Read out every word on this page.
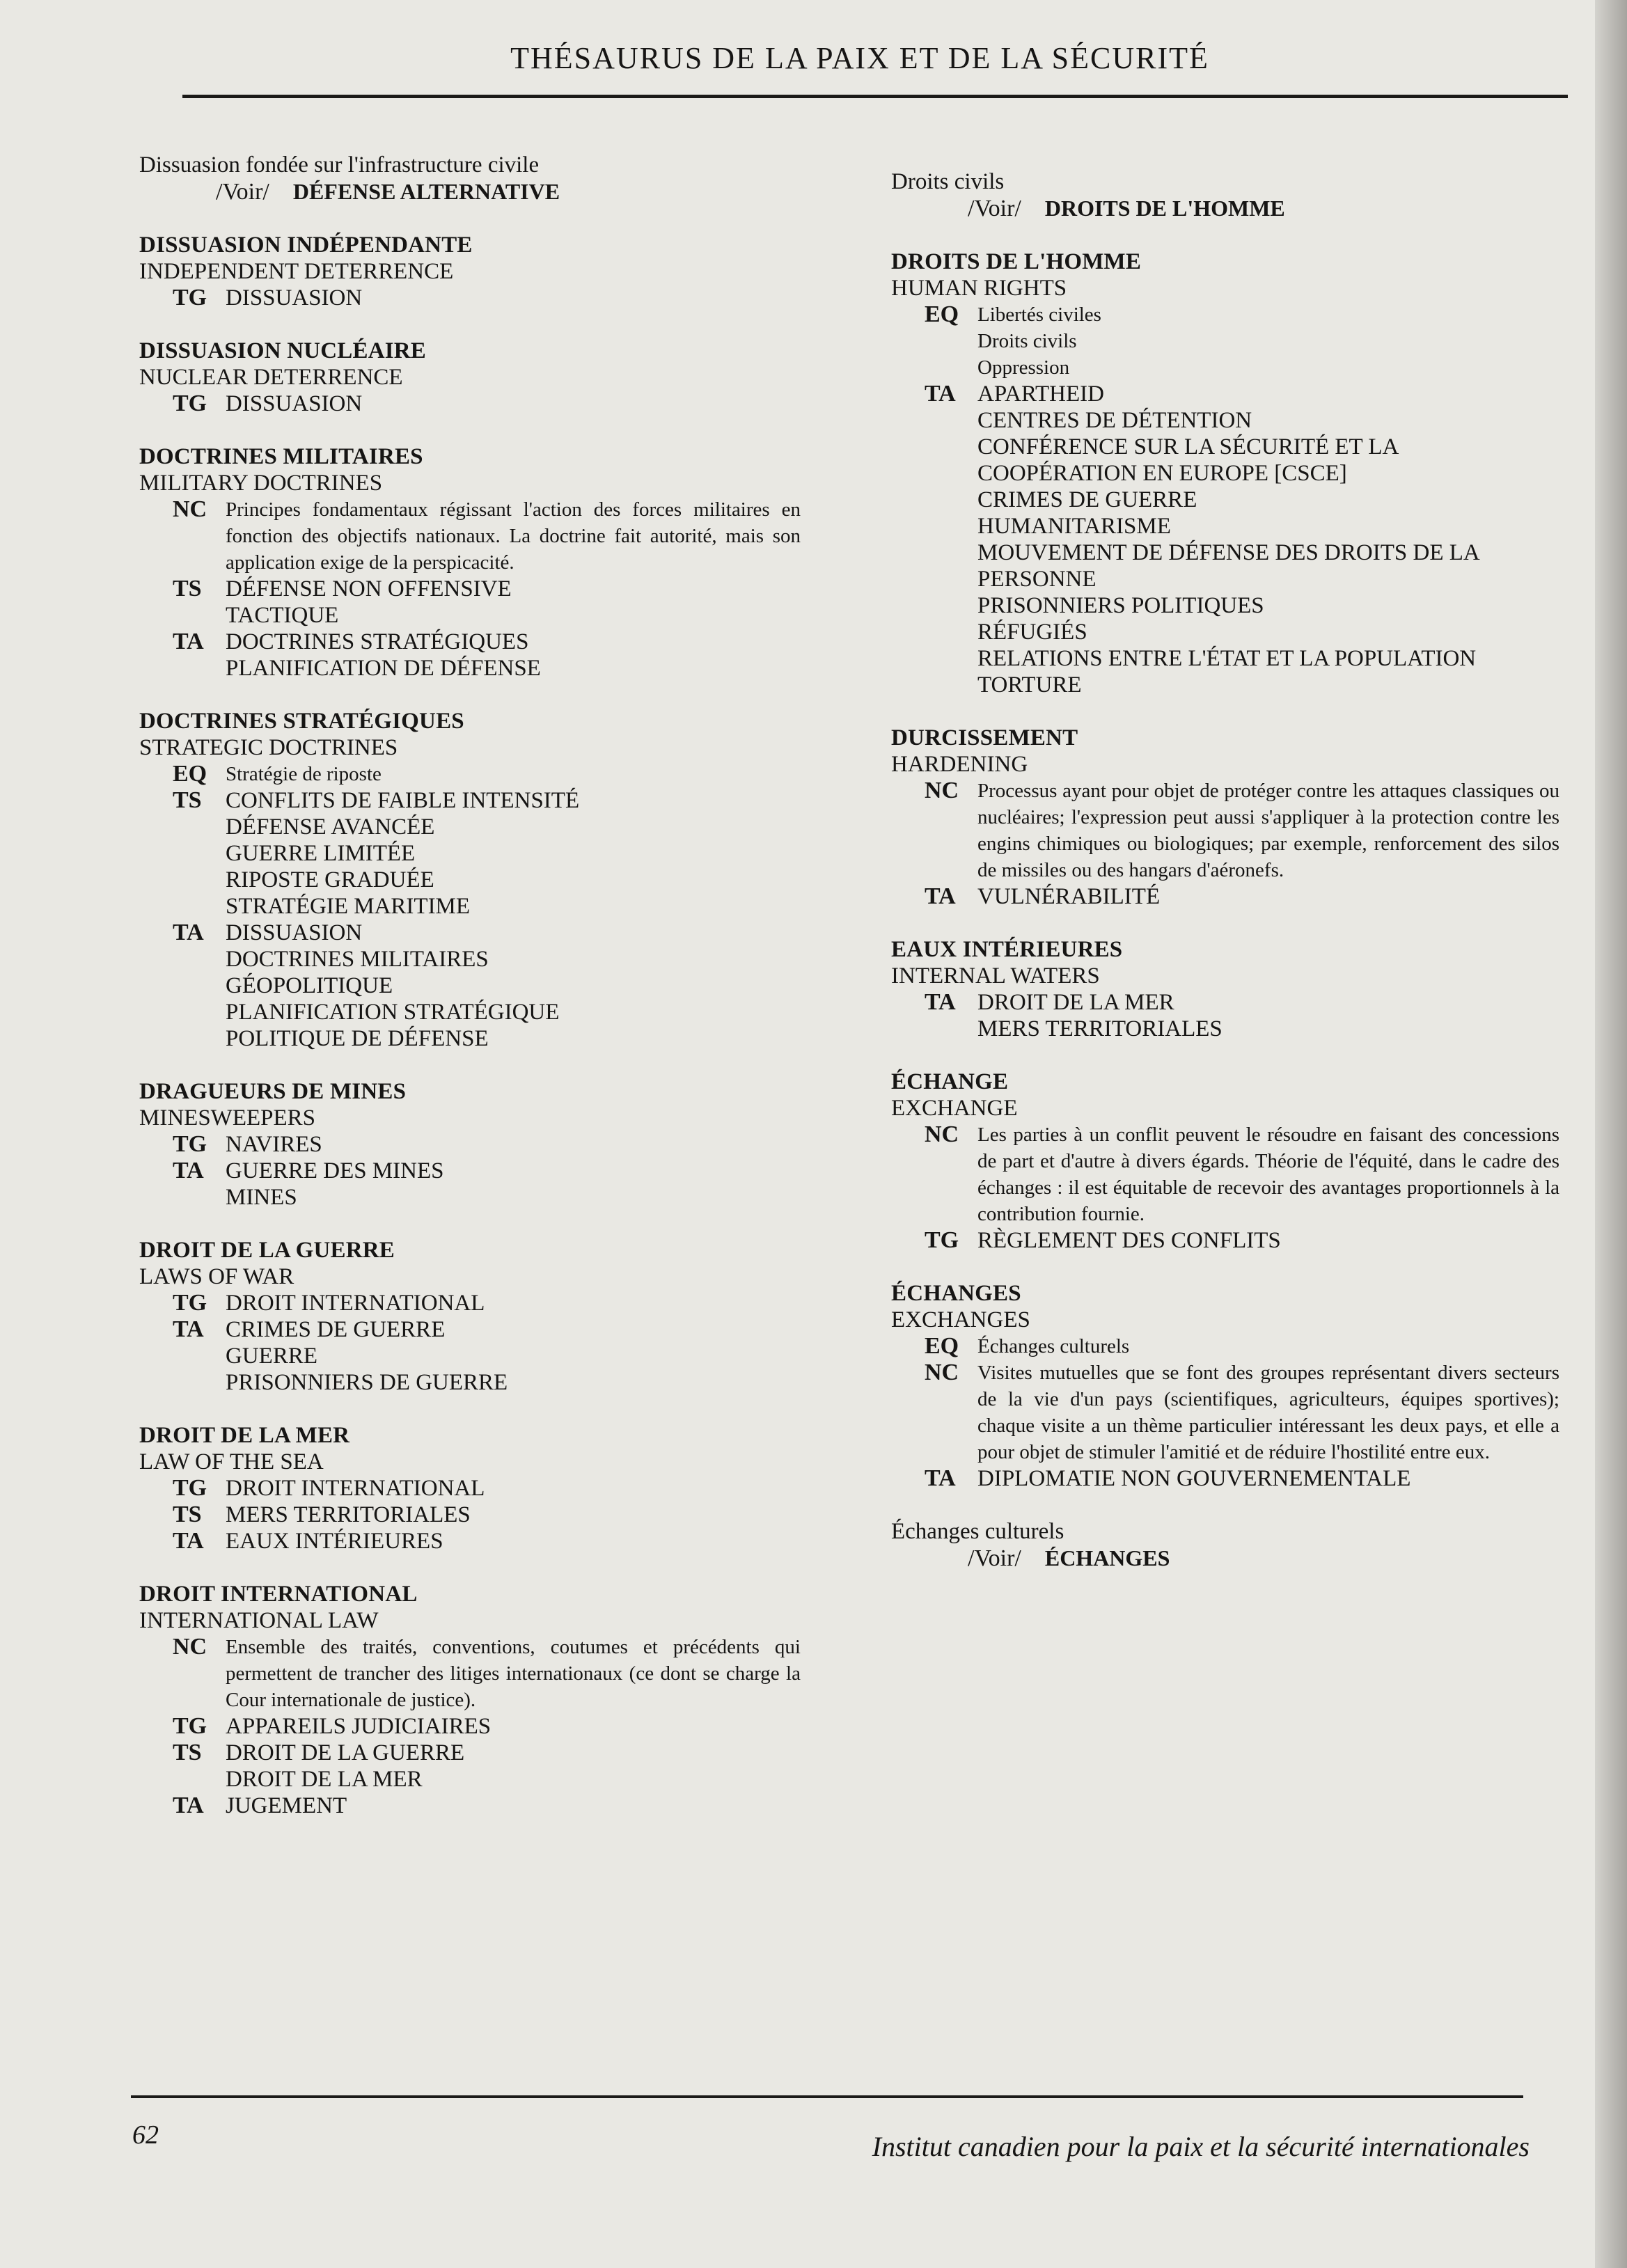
THÉSAURUS DE LA PAIX ET DE LA SÉCURITÉ
Dissuasion fondée sur l'infrastructure civile
/Voir/ DÉFENSE ALTERNATIVE
DISSUASION INDÉPENDANTE
INDEPENDENT DETERRENCE
TG DISSUASION
DISSUASION NUCLÉAIRE
NUCLEAR DETERRENCE
TG DISSUASION
DOCTRINES MILITAIRES
MILITARY DOCTRINES
NC Principes fondamentaux régissant l'action des forces militaires en fonction des objectifs nationaux. La doctrine fait autorité, mais son application exige de la perspicacité.
TS	DÉFENSE NON OFFENSIVE
TACTIQUE
TA DOCTRINES STRATÉGIQUES
PLANIFICATION DE DÉFENSE
DOCTRINES STRATÉGIQUES
STRATEGIC DOCTRINES
EQ Stratégie de riposte
TS	CONFLITS DE FAIBLE INTENSITÉ
DÉFENSE AVANCÉE
GUERRE LIMITÉE
RIPOSTE GRADUÉE
STRATÉGIE MARITIME
TA DISSUASION
DOCTRINES MILITAIRES
GÉOPOLITIQUE
PLANIFICATION STRATÉGIQUE
POLITIQUE DE DÉFENSE
DRAGUEURS DE MINES
MINESWEEPERS
TG NAVIRES
TA GUERRE DES MINES
MINES
DROIT DE LA GUERRE
LAWS OF WAR
TG DROIT INTERNATIONAL
TA CRIMES DE GUERRE
GUERRE
PRISONNIERS DE GUERRE
DROIT DE LA MER
LAW OF THE SEA
TG DROIT INTERNATIONAL
TS	MERS TERRITORIALES
TA EAUX INTÉRIEURES
DROIT INTERNATIONAL
INTERNATIONAL LAW
NC Ensemble des traités, conventions, coutumes et précédents qui permettent de trancher des litiges internationaux (ce dont se charge la Cour internationale de justice).
TG APPAREILS JUDICIAIRES
TS	DROIT DE LA GUERRE
DROIT DE LA MER
TA JUGEMENT
Droits civils
/Voir/ DROITS DE L'HOMME
DROITS DE L'HOMME
HUMAN RIGHTS
EQ Libertés civiles
Droits civils
Oppression
TA APARTHEID
CENTRES DE DÉTENTION
CONFÉRENCE SUR LA SÉCURITÉ ET LA COOPÉRATION EN EUROPE [CSCE]
CRIMES DE GUERRE
HUMANITARISME
MOUVEMENT DE DÉFENSE DES DROITS DE LA PERSONNE
PRISONNIERS POLITIQUES
RÉFUGIÉS
RELATIONS ENTRE L'ÉTAT ET LA POPULATION
TORTURE
DURCISSEMENT
HARDENING
NC Processus ayant pour objet de protéger contre les attaques classiques ou nucléaires; l'expression peut aussi s'appliquer à la protection contre les engins chimiques ou biologiques; par exemple, renforcement des silos de missiles ou des hangars d'aéronefs.
TA VULNÉRABILITÉ
EAUX INTÉRIEURES
INTERNAL WATERS
TA DROIT DE LA MER
MERS TERRITORIALES
ÉCHANGE
EXCHANGE
NC Les parties à un conflit peuvent le résoudre en faisant des concessions de part et d'autre à divers égards. Théorie de l'équité, dans le cadre des échanges : il est équitable de recevoir des avantages proportionnels à la contribution fournie.
TG RÈGLEMENT DES CONFLITS
ÉCHANGES
EXCHANGES
EQ Échanges culturels
NC Visites mutuelles que se font des groupes représentant divers secteurs de la vie d'un pays (scientifiques, agriculteurs, équipes sportives); chaque visite a un thème particulier intéressant les deux pays, et elle a pour objet de stimuler l'amitié et de réduire l'hostilité entre eux.
TA DIPLOMATIE NON GOUVERNEMENTALE
Échanges culturels
/Voir/ ÉCHANGES
62	Institut canadien pour la paix et la sécurité internationales
